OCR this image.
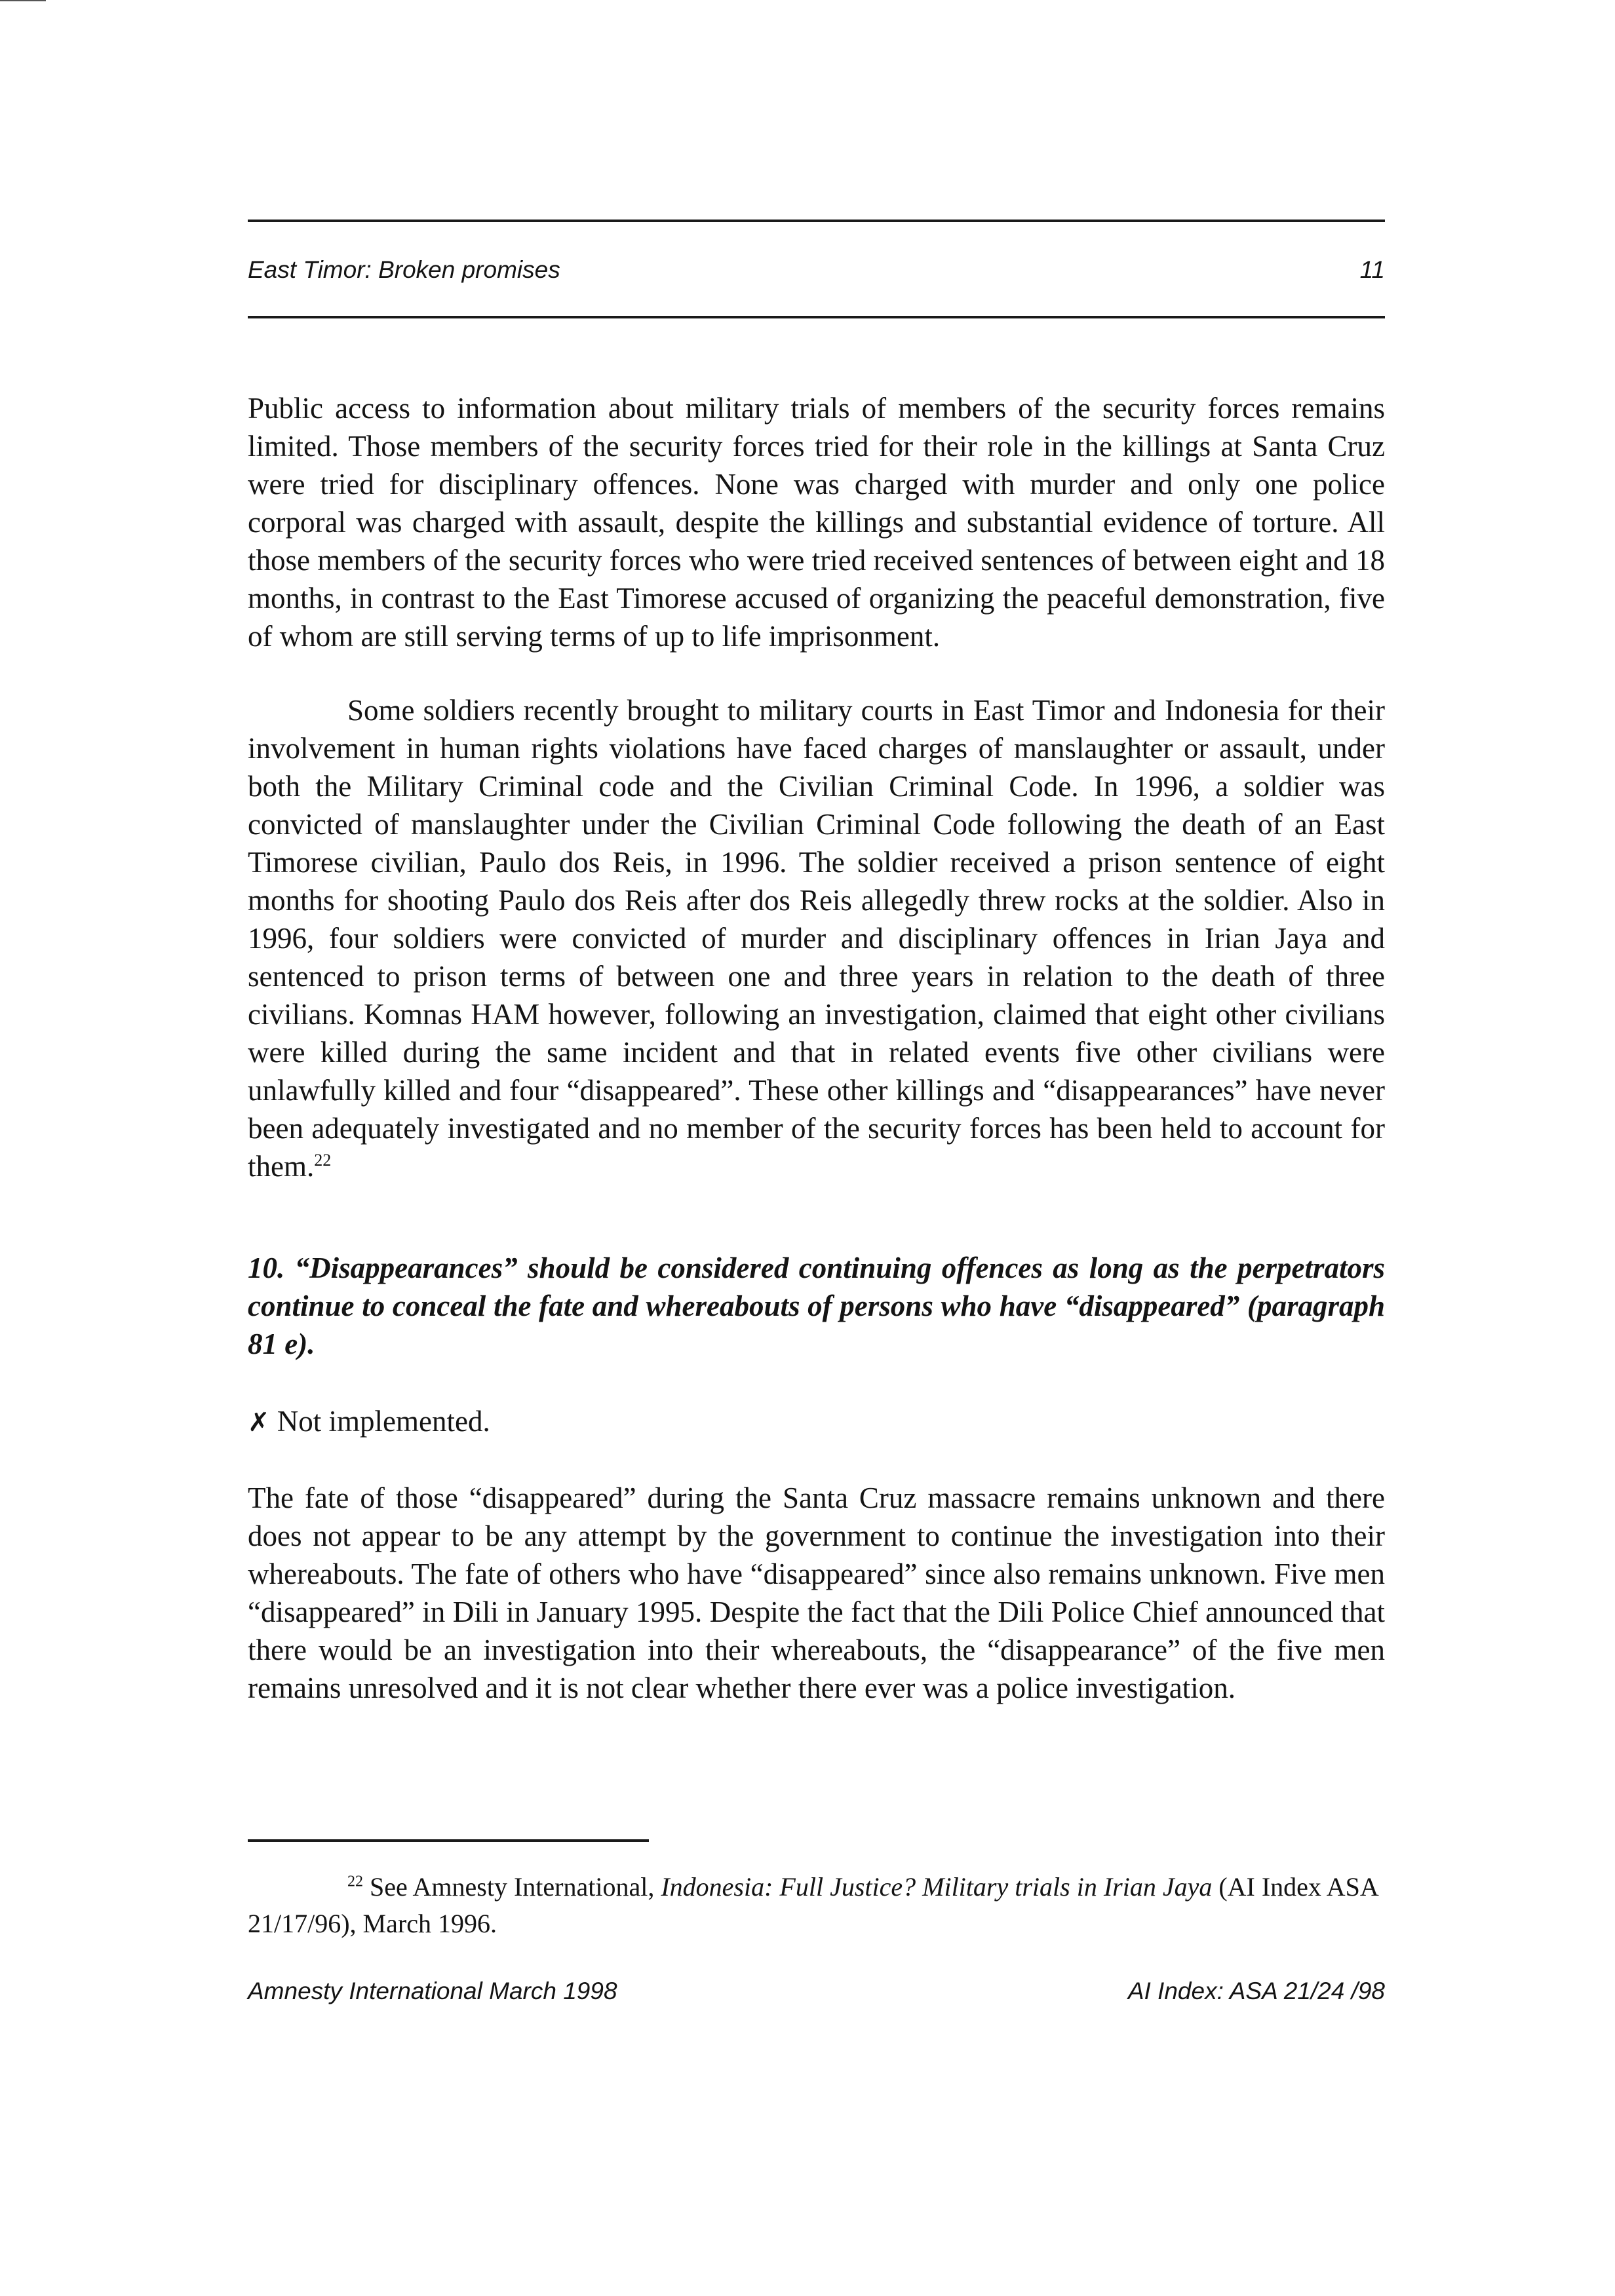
East Timor: Broken promises	11

Public access to information about military trials of members of the security forces remains limited. Those members of the security forces tried for their role in the killings at Santa Cruz were tried for disciplinary offences. None was charged with murder and only one police corporal was charged with assault, despite the killings and substantial evidence of torture. All those members of the security forces who were tried received sentences of between eight and 18 months, in contrast to the East Timorese accused of organizing the peaceful demonstration, five of whom are still serving terms of up to life imprisonment.

Some soldiers recently brought to military courts in East Timor and Indonesia for their involvement in human rights violations have faced charges of manslaughter or assault, under both the Military Criminal code and the Civilian Criminal Code. In 1996, a soldier was convicted of manslaughter under the Civilian Criminal Code following the death of an East Timorese civilian, Paulo dos Reis, in 1996. The soldier received a prison sentence of eight months for shooting Paulo dos Reis after dos Reis allegedly threw rocks at the soldier. Also in 1996, four soldiers were convicted of murder and disciplinary offences in Irian Jaya and sentenced to prison terms of between one and three years in relation to the death of three civilians. Komnas HAM however, following an investigation, claimed that eight other civilians were killed during the same incident and that in related events five other civilians were unlawfully killed and four “disappeared”. These other killings and “disappearances” have never been adequately investigated and no member of the security forces has been held to account for them.$^{22}$

10. “Disappearances” should be considered continuing offences as long as the perpetrators continue to conceal the fate and whereabouts of persons who have “disappeared” (paragraph 81 e).

✗ Not implemented.

The fate of those “disappeared” during the Santa Cruz massacre remains unknown and there does not appear to be any attempt by the government to continue the investigation into their whereabouts. The fate of others who have “disappeared” since also remains unknown. Five men “disappeared” in Dili in January 1995. Despite the fact that the Dili Police Chief announced that there would be an investigation into their whereabouts, the “disappearance” of the five men remains unresolved and it is not clear whether there ever was a police investigation.

$^{22}$ See Amnesty International, Indonesia: Full Justice? Military trials in Irian Jaya (AI Index ASA 21/17/96), March 1996.

Amnesty International March 1998	AI Index: ASA 21/24 /98
